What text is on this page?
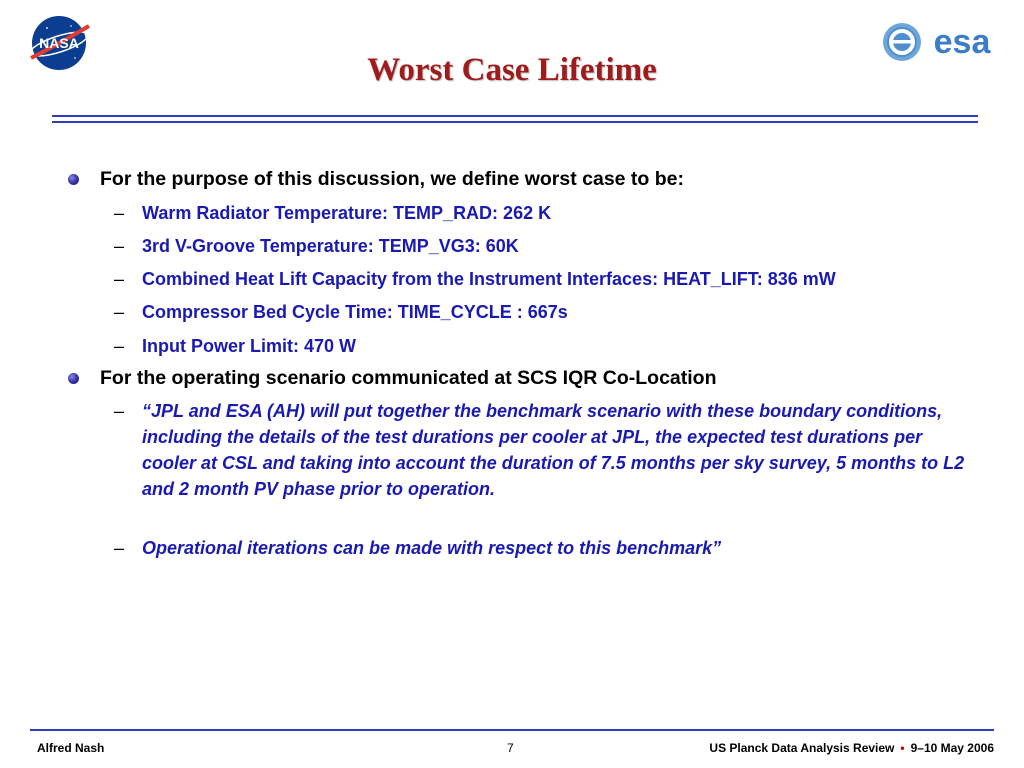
NASA	esa
Worst Case Lifetime
For the purpose of this discussion, we define worst case to be:
– Warm Radiator Temperature: TEMP_RAD: 262 K
– 3rd V-Groove Temperature: TEMP_VG3: 60K
– Combined Heat Lift Capacity from the Instrument Interfaces: HEAT_LIFT: 836 mW
– Compressor Bed Cycle Time: TIME_CYCLE : 667s
– Input Power Limit: 470 W
For the operating scenario communicated at SCS IQR Co-Location
– “JPL and ESA (AH) will put together the benchmark scenario with these boundary conditions, including the details of the test durations per cooler at JPL, the expected test durations per cooler at CSL and taking into account the duration of 7.5 months per sky survey, 5 months to L2 and 2 month PV phase prior to operation.

– Operational iterations can be made with respect to this benchmark”
Alfred Nash	7	US Planck Data Analysis Review • 9–10 May 2006
